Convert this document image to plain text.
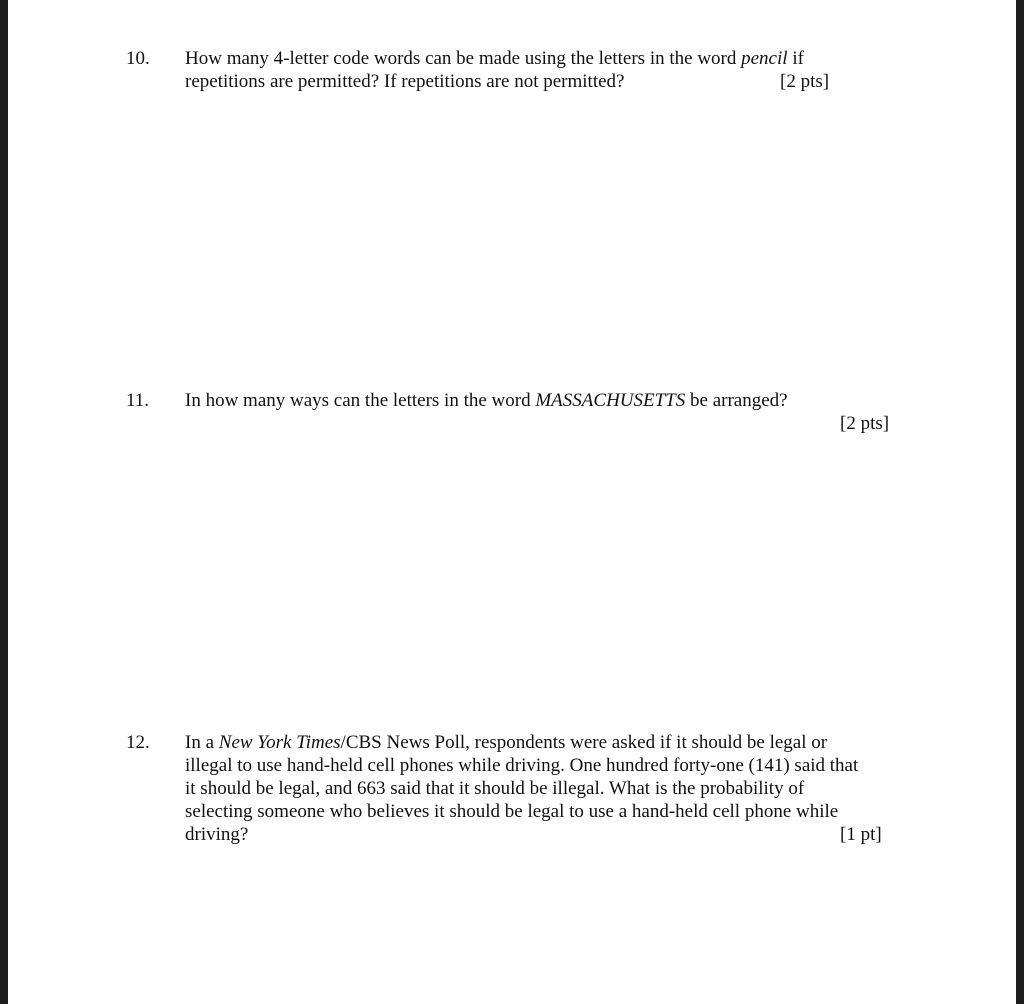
10.	How many 4-letter code words can be made using the letters in the word pencil if
repetitions are permitted? If repetitions are not permitted?	[2 pts]
11.	In how many ways can the letters in the word MASSACHUSETTS be arranged?
[2 pts]
12.	In a New York Times/CBS News Poll, respondents were asked if it should be legal or
illegal to use hand-held cell phones while driving. One hundred forty-one (141) said that
it should be legal, and 663 said that it should be illegal. What is the probability of
selecting someone who believes it should be legal to use a hand-held cell phone while
driving?	[1 pt]
